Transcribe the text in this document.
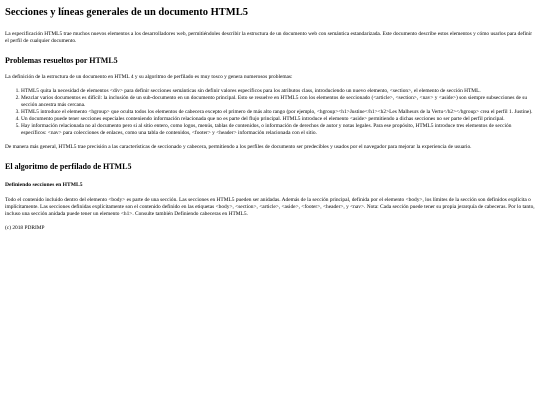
Secciones y líneas generales de un documento HTML5

La especificación HTML5 trae muchos nuevos elementos a los desarrolladores web, permitiéndoles describir la estructura de un documento web con semántica estandarizada. Este documento describe estos elementos y cómo usarlos para definir el perfil de cualquier documento.

Problemas resueltos por HTML5

La definición de la estructura de un documento en HTML 4 y su algoritmo de perfilado es muy tosco y genera numerosos problemas:

1. HTML5 quita la necesidad de elementos <div> para definir secciones semánticas sin definir valores específicos para los atributos class, introduciendo un nuevo elemento, <section>, el elemento de sección HTML.
2. Mezclar varios documentos es difícil: la inclusión de un sub-documento en un documento principal. Esto se resuelve en HTML5 con los elementos de seccionado (<article>, <section>, <nav> y <aside>) son siempre subsecciones de su sección ancestra más cercana.
3. HTML5 introduce el elemento <hgroup> que oculta todos los elementos de cabecera excepto el primero de más alto rango (por ejemplo, <hgroup><h1>Justine</h1><h2>Les Malheurs de la Vertu</h2></hgroup> crea el perfil 1. Justine).
4. Un documento puede tener secciones especiales conteniendo información relacionada que no es parte del flujo principal. HTML5 introduce el elemento <aside> permitiendo a dichas secciones no ser parte del perfil principal.
5. Hay información relacionada no al documento pero si al sitio entero, como logos, menús, tablas de contenidos, o información de derechos de autor y notas legales. Para ese propósito, HTML5 introduce tres elementos de sección específicos: <nav> para colecciones de enlaces, como una tabla de contenidos, <footer> y <header> información relacionada con el sitio.

De manera más general, HTML5 trae precisión a las características de seccionado y cabecera, permitiendo a los perfiles de documento ser predecibles y usados por el navegador para mejorar la experiencia de usuario.

El algoritmo de perfilado de HTML5
Definiendo secciones en HTML5

Todo el contenido incluido dentro del elemento <body> es parte de una sección. Las secciones en HTML5 pueden ser anidadas. Además de la sección principal, definida por el elemento <body>, los límites de la sección son definidos explícita o implícitamente. Las secciones definidas explícitamente son el contenido definido en las etiquetas <body>, <section>, <article>, <aside>, <footer>, <header>, y <nav>. Nota: Cada sección puede tener su propia jerarquía de cabeceras. Por lo tanto, incluso una sección anidada puede tener un elemento <h1>. Consulte también Definiendo cabeceras en HTML5.

(c) 2018 PDRIMP
